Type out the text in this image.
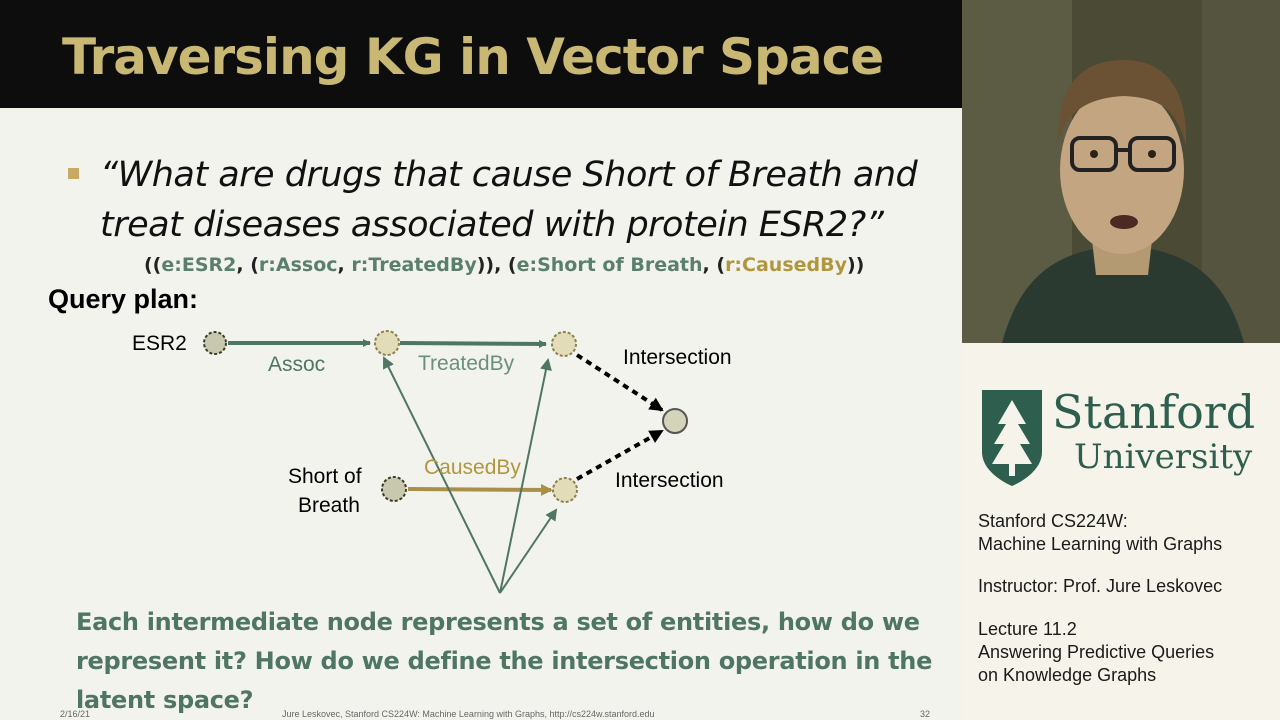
Traversing KG in Vector Space
“What are drugs that cause Short of Breath and
treat diseases associated with protein ESR2?”
((e:ESR2, (r:Assoc, r:TreatedBy)), (e:Short of Breath, (r:CausedBy))
Query plan:
ESR2
Assoc	TreatedBy	Intersection
Short of
Breath
CausedBy
Intersection
Each intermediate node represents a set of entities, how do we represent it? How do we define the intersection operation in the latent space?
2/16/21	Jure Leskovec, Stanford CS224W: Machine Learning with Graphs, http://cs224w.stanford.edu	32
Stanford
University
Stanford CS224W:
Machine Learning with Graphs
Instructor: Prof. Jure Leskovec
Lecture 11.2
Answering Predictive Queries
on Knowledge Graphs
